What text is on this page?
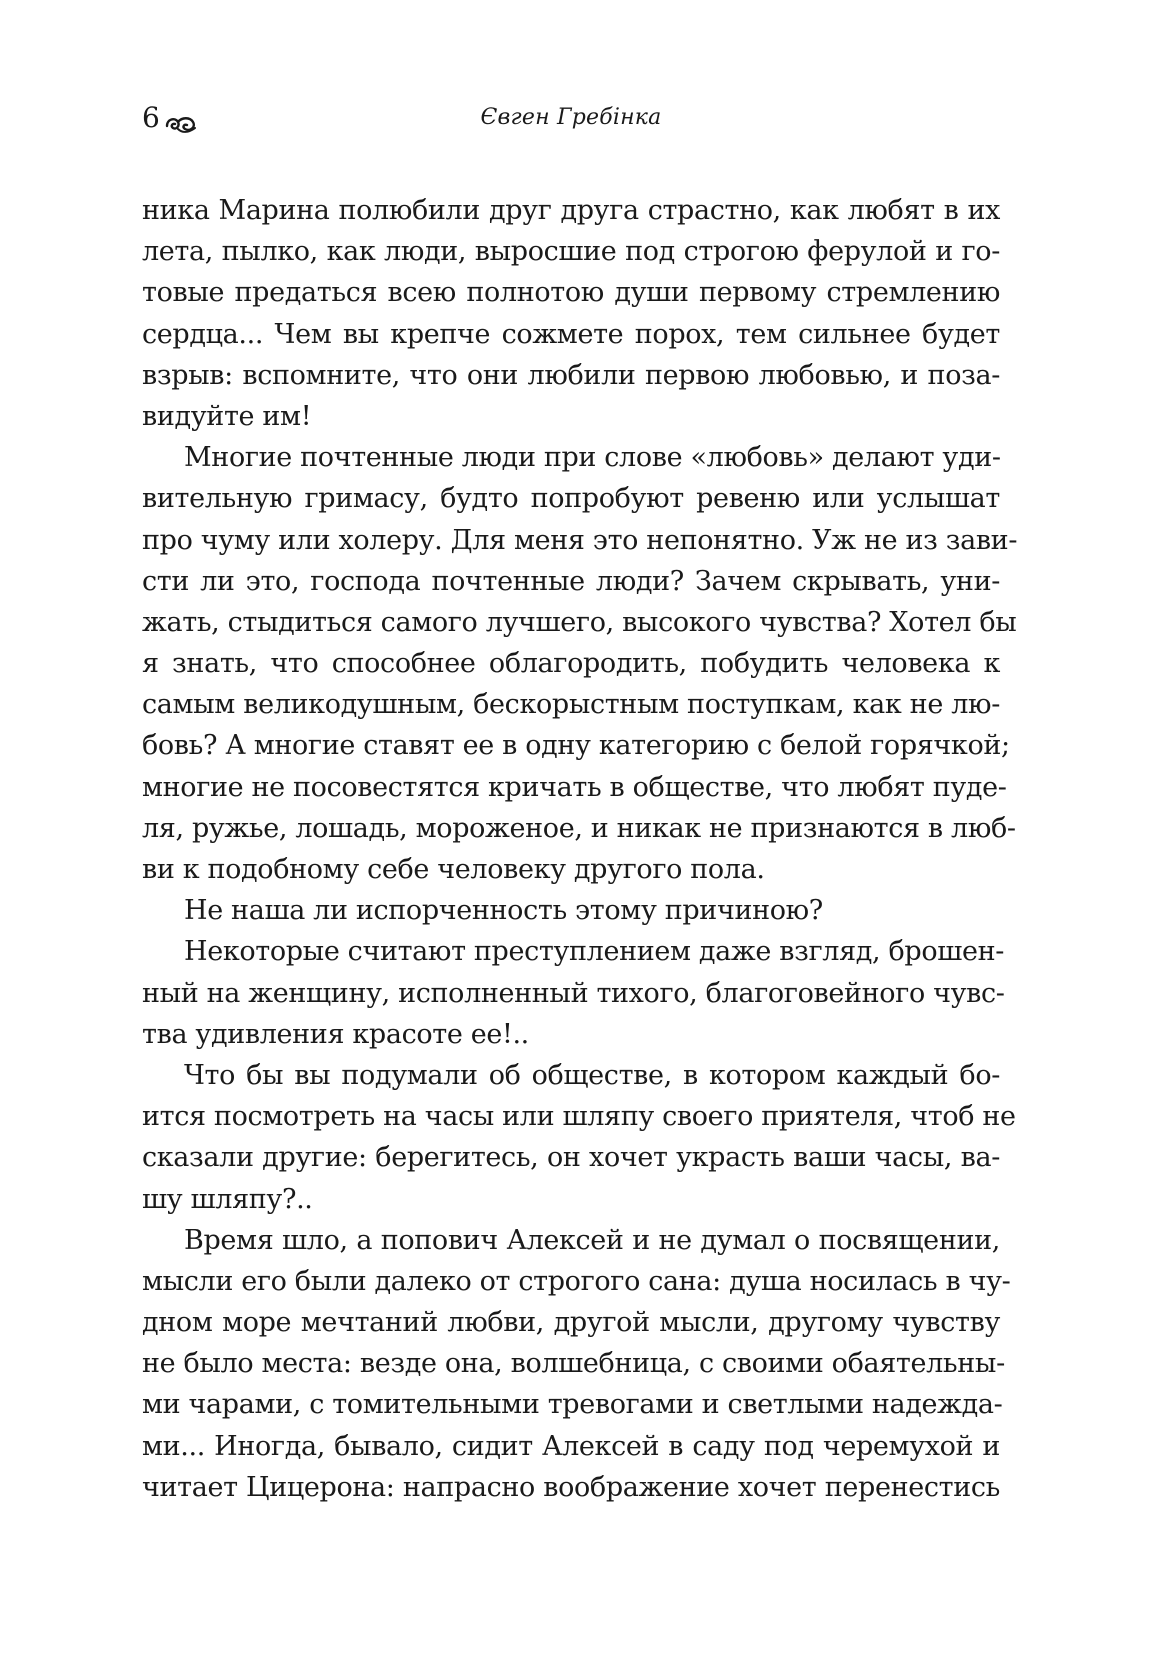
6	Євген Гребінка
ника Марина полюбили друг друга страстно, как любят в их
лета, пылко, как люди, выросшие под строгою ферулой и го-
товые предаться всею полнотою души первому стремлению
сердца... Чем вы крепче сожмете порох, тем сильнее будет
взрыв: вспомните, что они любили первою любовью, и поза-
видуйте им!
Многие почтенные люди при слове «любовь» делают уди-
вительную гримасу, будто попробуют ревеню или услышат
про чуму или холеру. Для меня это непонятно. Уж не из зави-
сти ли это, господа почтенные люди? Зачем скрывать, уни-
жать, стыдиться самого лучшего, высокого чувства? Хотел бы
я знать, что способнее облагородить, побудить человека к
самым великодушным, бескорыстным поступкам, как не лю-
бовь? А многие ставят ее в одну категорию с белой горячкой;
многие не посовестятся кричать в обществе, что любят пуде-
ля, ружье, лошадь, мороженое, и никак не признаются в люб-
ви к подобному себе человеку другого пола.
Не наша ли испорченность этому причиною?
Некоторые считают преступлением даже взгляд, брошен-
ный на женщину, исполненный тихого, благоговейного чувс-
тва удивления красоте ее!..
Что бы вы подумали об обществе, в котором каждый бо-
ится посмотреть на часы или шляпу своего приятеля, чтоб не
сказали другие: берегитесь, он хочет украсть ваши часы, ва-
шу шляпу?..
Время шло, а попович Алексей и не думал о посвящении,
мысли его были далеко от строгого сана: душа носилась в чу-
дном море мечтаний любви, другой мысли, другому чувству
не было места: везде она, волшебница, с своими обаятельны-
ми чарами, с томительными тревогами и светлыми надежда-
ми... Иногда, бывало, сидит Алексей в саду под черемухой и
читает Цицерона: напрасно воображение хочет перенестись
